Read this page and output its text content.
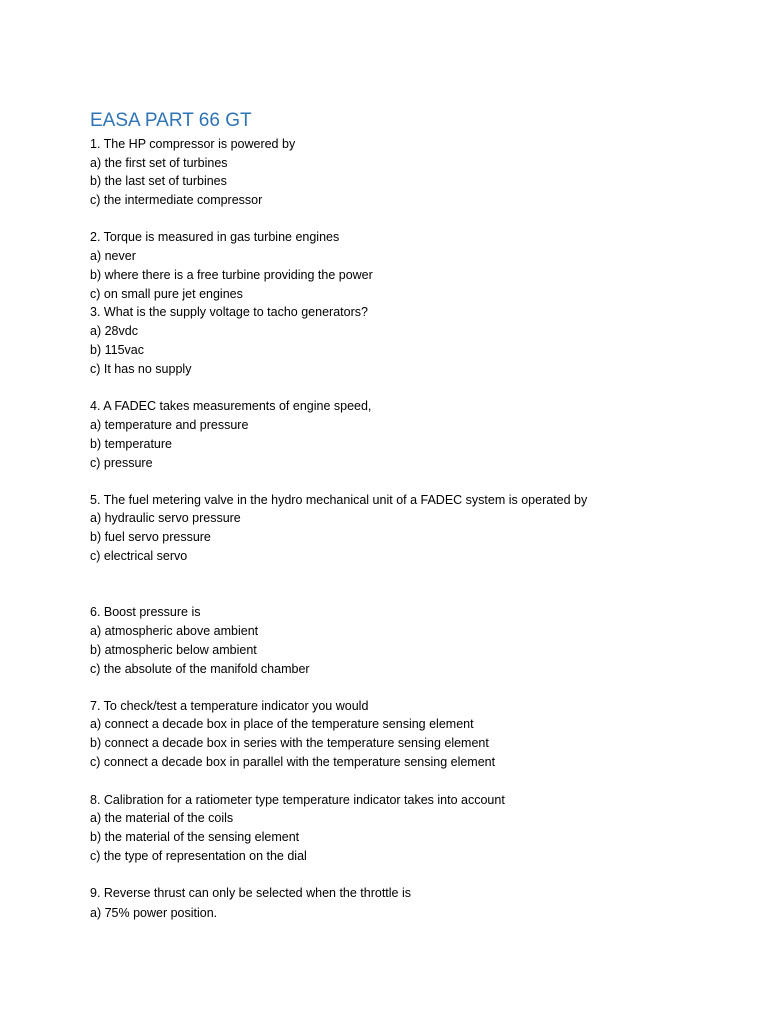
EASA PART 66 GT
1. The HP compressor is powered by
a) the first set of turbines
b) the last set of turbines
c) the intermediate compressor
2. Torque is measured in gas turbine engines
a) never
b) where there is a free turbine providing the power
c) on small pure jet engines
3. What is the supply voltage to tacho generators?
a) 28vdc
b) 115vac
c) It has no supply
4. A FADEC takes measurements of engine speed,
a) temperature and pressure
b) temperature
c) pressure
5. The fuel metering valve in the hydro mechanical unit of a FADEC system is operated by
a) hydraulic servo pressure
b) fuel servo pressure
c) electrical servo
6. Boost pressure is
a) atmospheric above ambient
b) atmospheric below ambient
c) the absolute of the manifold chamber
7. To check/test a temperature indicator you would
a) connect a decade box in place of the temperature sensing element
b) connect a decade box in series with the temperature sensing element
c) connect a decade box in parallel with the temperature sensing element
8. Calibration for a ratiometer type temperature indicator takes into account
a) the material of the coils
b) the material of the sensing element
c) the type of representation on the dial
9. Reverse thrust can only be selected when the throttle is
a) 75% power position.
